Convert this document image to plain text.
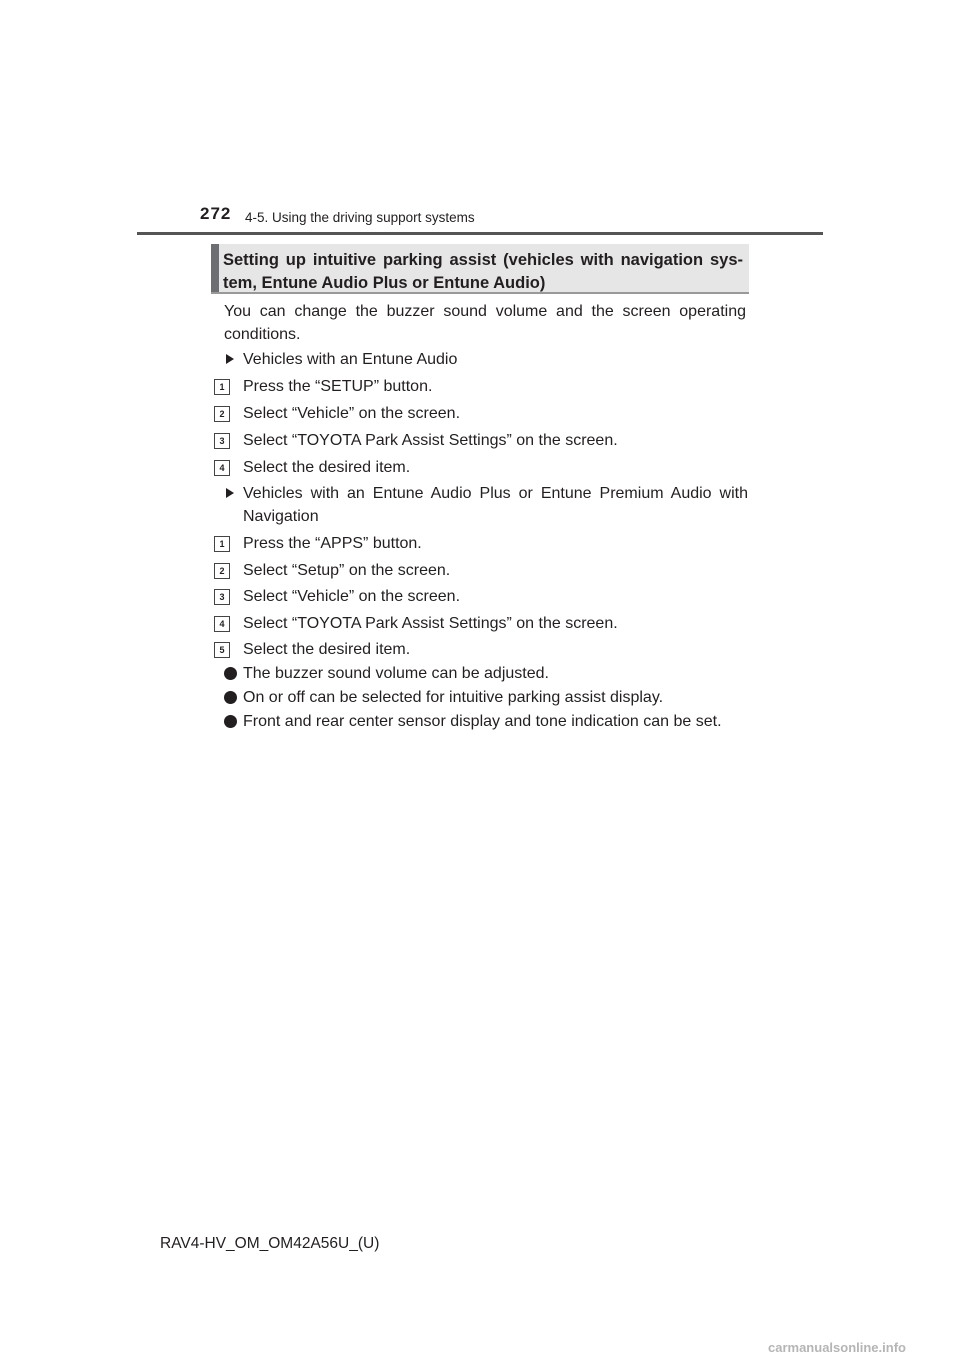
272 4-5. Using the driving support systems
Setting up intuitive parking assist (vehicles with navigation sys-tem, Entune Audio Plus or Entune Audio)
You can change the buzzer sound volume and the screen operating conditions.
Vehicles with an Entune Audio
1	Press the “SETUP” button.
2	Select “Vehicle” on the screen.
3	Select “TOYOTA Park Assist Settings” on the screen.
4	Select the desired item.
Vehicles with an Entune Audio Plus or Entune Premium Audio with Navigation
1	Press the “APPS” button.
2	Select “Setup” on the screen.
3	Select “Vehicle” on the screen.
4	Select “TOYOTA Park Assist Settings” on the screen.
5	Select the desired item.
The buzzer sound volume can be adjusted.
On or off can be selected for intuitive parking assist display.
Front and rear center sensor display and tone indication can be set.
RAV4-HV_OM_OM42A56U_(U)
carmanualsonline.info
